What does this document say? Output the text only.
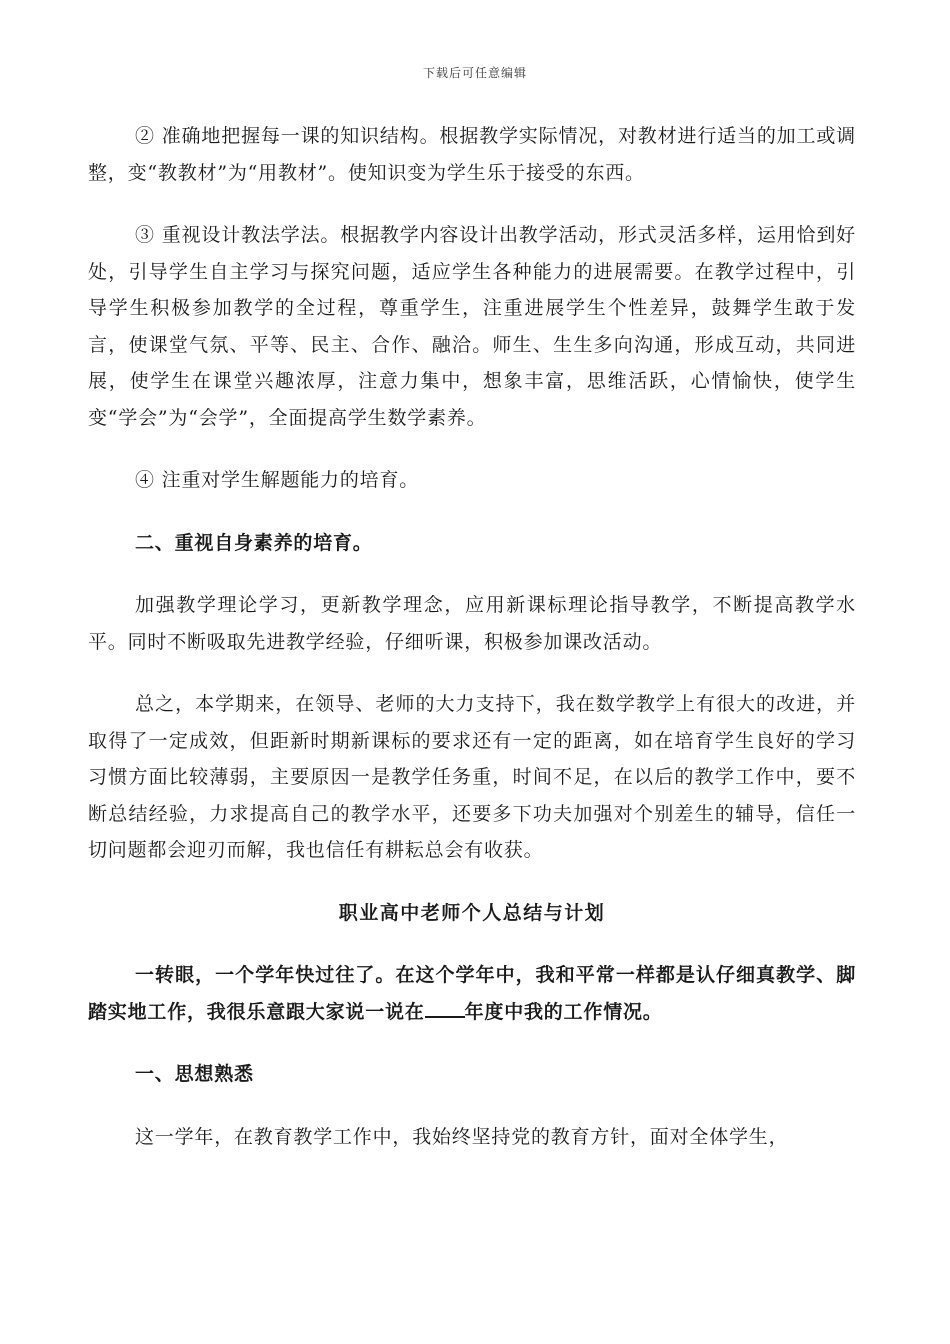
下载后可任意编辑

② 准确地把握每一课的知识结构。根据教学实际情况，对教材进行适当的加工或调整，变“教教材”为“用教材”。使知识变为学生乐于接受的东西。

③ 重视设计教法学法。根据教学内容设计出教学活动，形式灵活多样，运用恰到好处，引导学生自主学习与探究问题，适应学生各种能力的进展需要。在教学过程中，引导学生积极参加教学的全过程，尊重学生，注重进展学生个性差异，鼓舞学生敢于发言，使课堂气氛、平等、民主、合作、融洽。师生、生生多向沟通，形成互动，共同进展，使学生在课堂兴趣浓厚，注意力集中，想象丰富，思维活跃，心情愉快，使学生变“学会”为“会学”，全面提高学生数学素养。

④ 注重对学生解题能力的培育。

二、重视自身素养的培育。

加强教学理论学习，更新教学理念，应用新课标理论指导教学，不断提高教学水平。同时不断吸取先进教学经验，仔细听课，积极参加课改活动。

总之，本学期来，在领导、老师的大力支持下，我在数学教学上有很大的改进，并取得了一定成效，但距新时期新课标的要求还有一定的距离，如在培育学生良好的学习习惯方面比较薄弱，主要原因一是教学任务重，时间不足，在以后的教学工作中，要不断总结经验，力求提高自己的教学水平，还要多下功夫加强对个别差生的辅导，信任一切问题都会迎刃而解，我也信任有耕耘总会有收获。

职业高中老师个人总结与计划

一转眼，一个学年快过往了。在这个学年中，我和平常一样都是认仔细真教学、脚踏实地工作，我很乐意跟大家说一说在 年度中我的工作情况。

一、思想熟悉

这一学年，在教育教学工作中，我始终坚持党的教育方针，面对全体学生，
